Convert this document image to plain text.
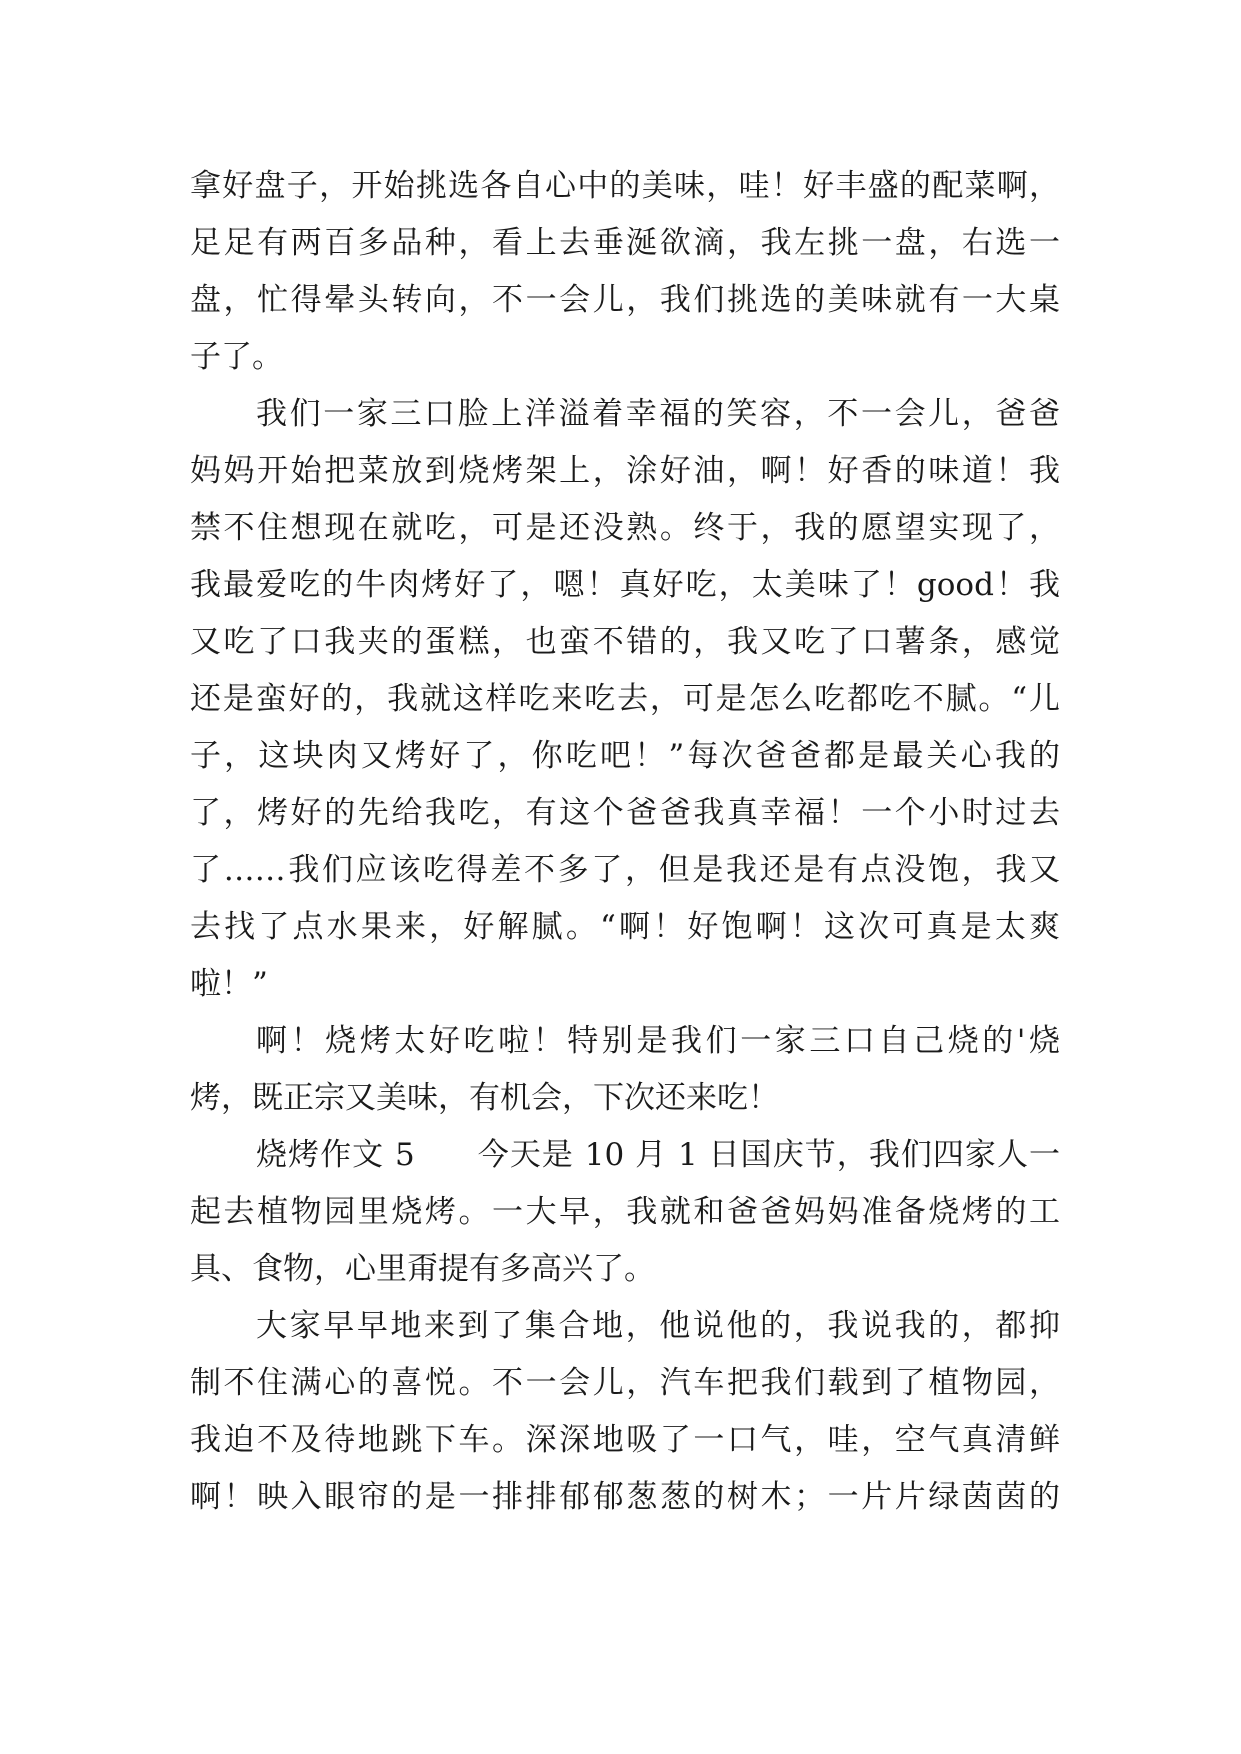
拿好盘子，开始挑选各自心中的美味，哇！好丰盛的配菜啊，
足足有两百多品种，看上去垂涎欲滴，我左挑一盘，右选一
盘，忙得晕头转向，不一会儿，我们挑选的美味就有一大桌
子了。
我们一家三口脸上洋溢着幸福的笑容，不一会儿，爸爸
妈妈开始把菜放到烧烤架上，涂好油，啊！好香的味道！我
禁不住想现在就吃，可是还没熟。终于，我的愿望实现了，
我最爱吃的牛肉烤好了，嗯！真好吃，太美味了！good！我
又吃了口我夹的蛋糕，也蛮不错的，我又吃了口薯条，感觉
还是蛮好的，我就这样吃来吃去，可是怎么吃都吃不腻。“儿
子，这块肉又烤好了，你吃吧！”每次爸爸都是最关心我的
了，烤好的先给我吃，有这个爸爸我真幸福！一个小时过去
了……我们应该吃得差不多了，但是我还是有点没饱，我又
去找了点水果来，好解腻。“啊！好饱啊！这次可真是太爽
啦！”
啊！烧烤太好吃啦！特别是我们一家三口自己烧的'烧
烤，既正宗又美味，有机会，下次还来吃！
烧烤作文 5 今天是 10 月 1 日国庆节，我们四家人一
起去植物园里烧烤。一大早，我就和爸爸妈妈准备烧烤的工
具、食物，心里甭提有多高兴了。
大家早早地来到了集合地，他说他的，我说我的，都抑
制不住满心的喜悦。不一会儿，汽车把我们载到了植物园，
我迫不及待地跳下车。深深地吸了一口气，哇，空气真清鲜
啊！映入眼帘的是一排排郁郁葱葱的树木；一片片绿茵茵的
